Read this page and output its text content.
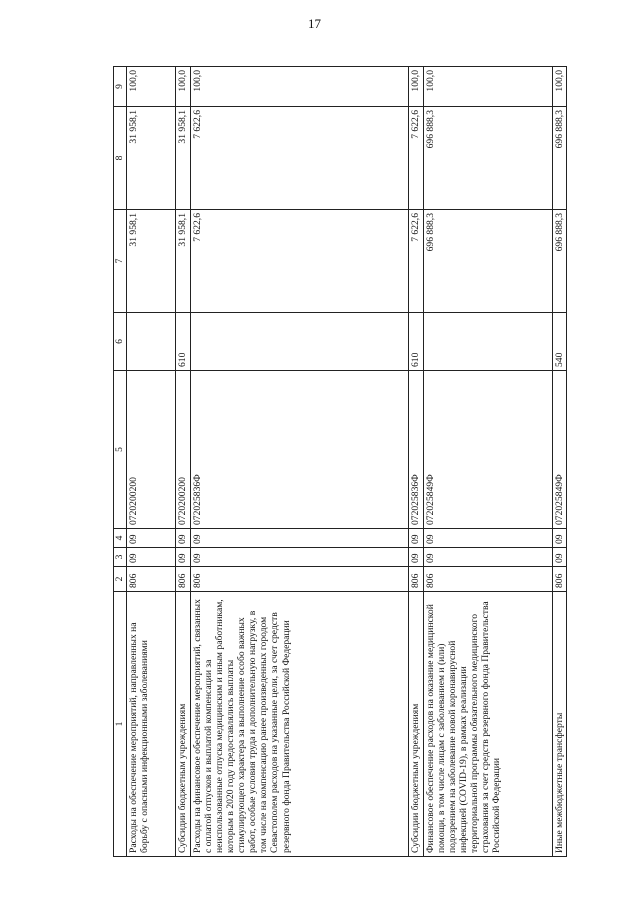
17
1	2	3	4	5	6	7	8	9
Расходы на обеспечение мероприятий, направленных на борьбу с опасными инфекционными заболеваниями	806	09	09	0720200200		31 958,1	31 958,1	100,0
Субсидии бюджетным учреждениям	806	09	09	0720200200	610	31 958,1	31 958,1	100,0
Расходы на финансовое обеспечение мероприятий, связанных с оплатой отпусков и выплатой компенсации за неиспользованные отпуска медицинским и иным работникам, которым в 2020 году предоставлялись выплаты стимулирующего характера за выполнение особо важных работ, особые условия труда и дополнительную нагрузку, в том числе на компенсацию ранее произведенных городом Севастополем расходов на указанные цели, за счет средств резервного фонда Правительства Российской Федерации	806	09	09	072025836Ф		7 622,6	7 622,6	100,0
Субсидии бюджетным учреждениям	806	09	09	072025836Ф	610	7 622,6	7 622,6	100,0
Финансовое обеспечение расходов на оказание медицинской помощи, в том числе лицам с заболеванием и (или) подозрением на заболевание новой коронавирусной инфекцией (COVID-19), в рамках реализации территориальной программы обязательного медицинского страхования за счет средств резервного фонда Правительства Российской Федерации	806	09	09	072025849Ф		696 888,3	696 888,3	100,0
Иные межбюджетные трансферты	806	09	09	072025849Ф	540	696 888,3	696 888,3	100,0
